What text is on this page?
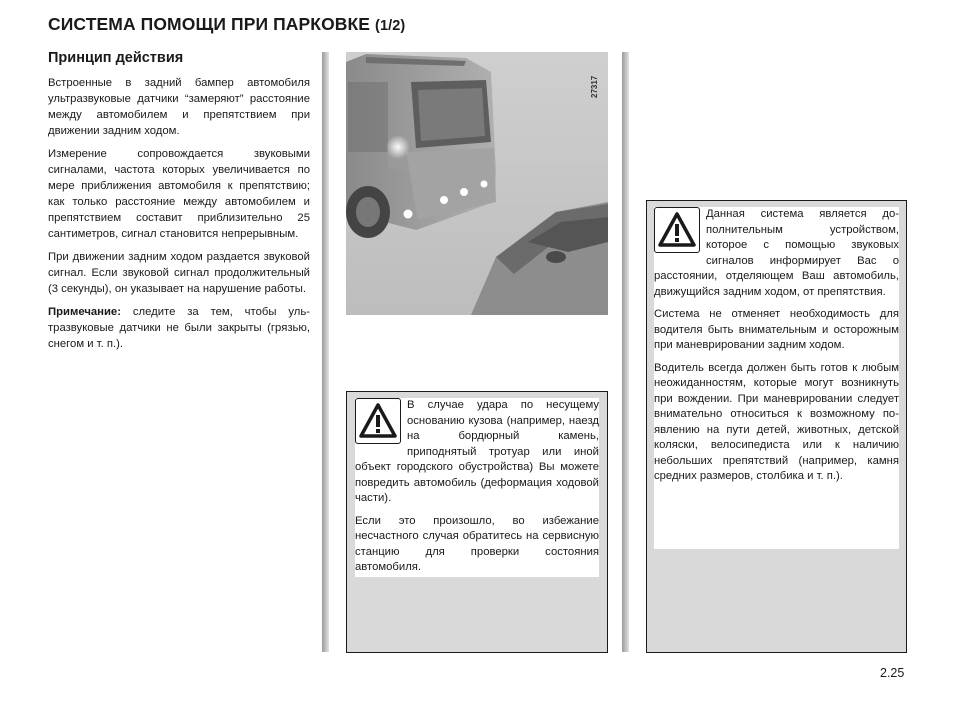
СИСТЕМА ПОМОЩИ ПРИ ПАРКОВКЕ (1/2)
Принцип действия

Встроенные в задний бампер автомобиля ультразвуковые датчики “замеряют” расстояние между автомобилем и препятствием при движении задним ходом.

Измерение сопровождается звуковыми сигналами, частота которых увеличивается по мере приближения автомобиля к препятствию; как только расстояние между автомобилем и препятствием составит приблизительно 25 сантиметров, сигнал становится непрерывным.

При движении задним ходом раздается звуковой сигнал. Если звуковой сигнал продолжительный (3 секунды), он указывает на нарушение работы.

Примечание: следите за тем, чтобы ультразвуковые датчики не были закрыты (грязью, снегом и т. п.).

27317

В случае удара по несущему основанию кузова (например, наезд на бордюрный камень, приподнятый тротуар или иной объект городского обустройства) Вы можете повредить автомобиль (деформация ходовой части).

Если это произошло, во избежание несчастного случая обратитесь на сервисную станцию для проверки состояния автомобиля.

Данная система является дополнительным устройством, которое с помощью звуковых сигналов информирует Вас о расстоянии, отделяющем Ваш автомобиль, движущийся задним ходом, от препятствия.

Система не отменяет необходимость для водителя быть внимательным и осторожным при маневрировании задним ходом.

Водитель всегда должен быть готов к любым неожиданностям, которые могут возникнуть при вождении. При маневрировании следует внимательно относиться к возможному появлению на пути детей, животных, детской коляски, велосипедиста или к наличию небольших препятствий (например, камня средних размеров, столбика и т. п.).

2.25
